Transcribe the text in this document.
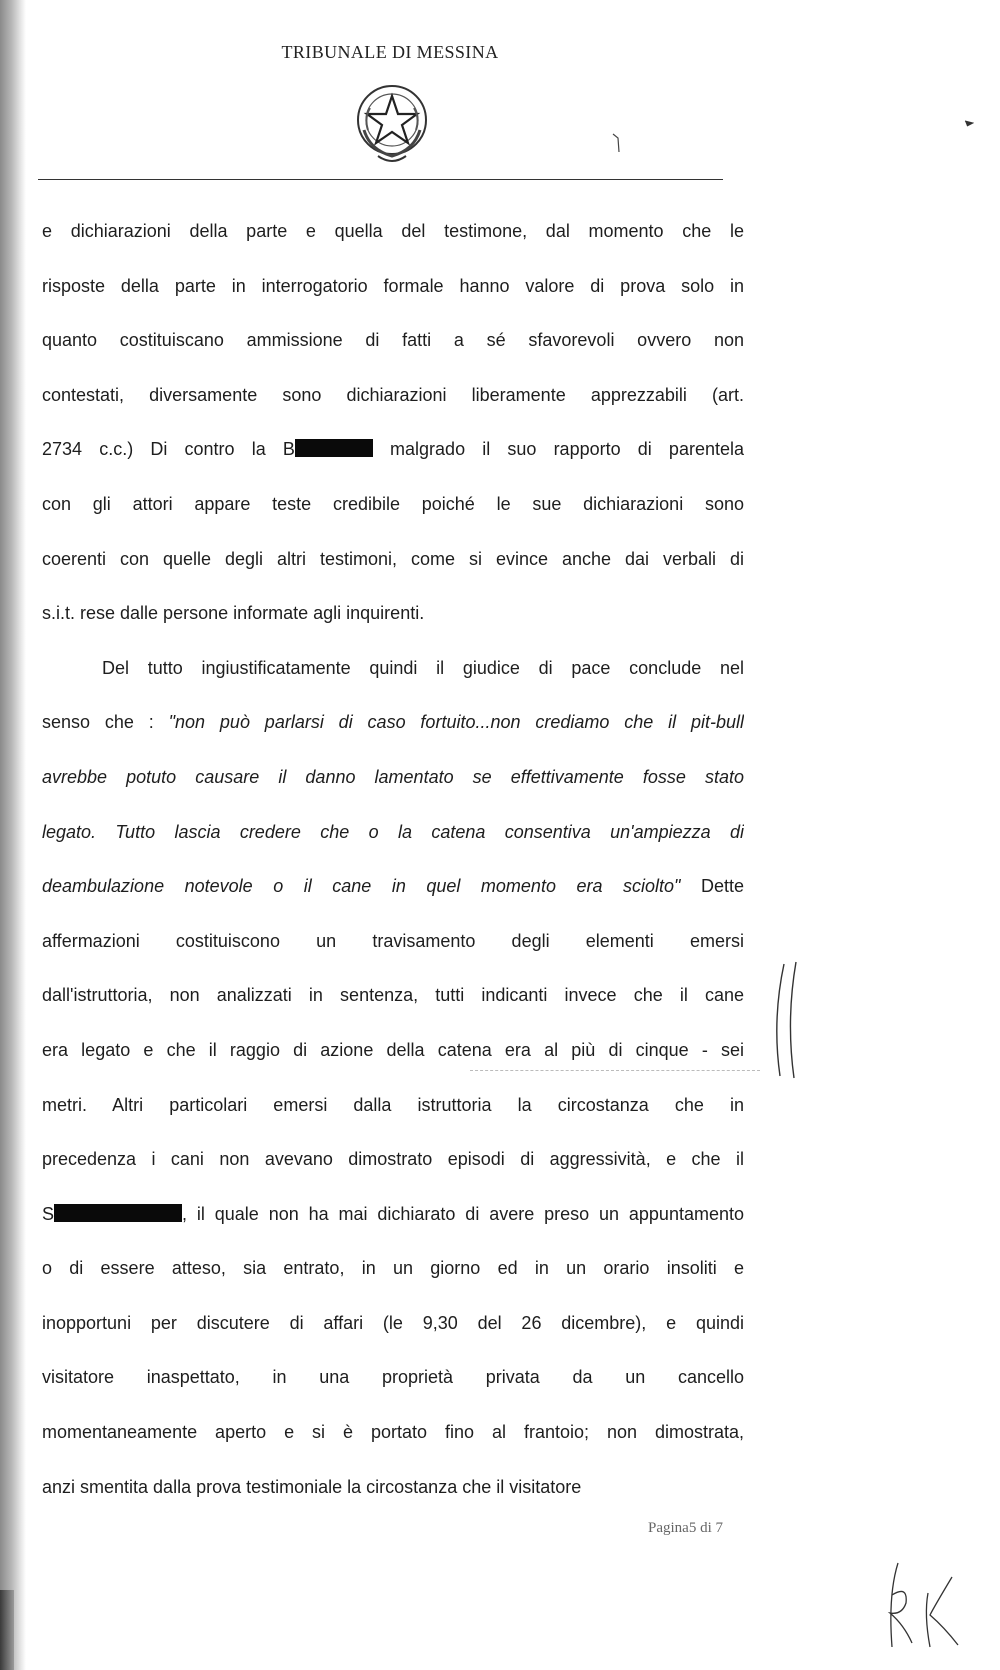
TRIBUNALE DI MESSINA

e dichiarazioni della parte e quella del testimone, dal momento che le
risposte della parte in interrogatorio formale hanno valore di prova solo in
quanto costituiscano ammissione di fatti a sé sfavorevoli ovvero non
contestati, diversamente sono dichiarazioni liberamente apprezzabili (art.
2734 c.c.) Di contro la B	malgrado il suo rapporto di parentela
con gli attori appare teste credibile poiché le sue dichiarazioni sono
coerenti con quelle degli altri testimoni, come si evince anche dai verbali di
s.i.t. rese dalle persone informate agli inquirenti.

Del tutto ingiustificatamente quindi il giudice di pace conclude nel
senso che : "non può parlarsi di caso fortuito...non crediamo che il pit-bull
avrebbe potuto causare il danno lamentato se effettivamente fosse stato
legato. Tutto lascia credere che o la catena consentiva un'ampiezza di
deambulazione notevole o il cane in quel momento era sciolto" Dette
affermazioni costituiscono un travisamento degli elementi emersi
dall'istruttoria, non analizzati in sentenza, tutti indicanti invece che il cane
era legato e che il raggio di azione della catena era al più di cinque - sei
metri. Altri particolari emersi dalla istruttoria la circostanza che in
precedenza i cani non avevano dimostrato episodi di aggressività, e che il
S	, il quale non ha mai dichiarato di avere preso un appuntamento
o di essere atteso, sia entrato, in un giorno ed in un orario insoliti e
inopportuni per discutere di affari (le 9,30 del 26 dicembre), e quindi
visitatore inaspettato, in una proprietà privata da un cancello
momentaneamente aperto e si è portato fino al frantoio; non dimostrata,
anzi smentita dalla prova testimoniale la circostanza che il visitatore

Pagina5 di 7
